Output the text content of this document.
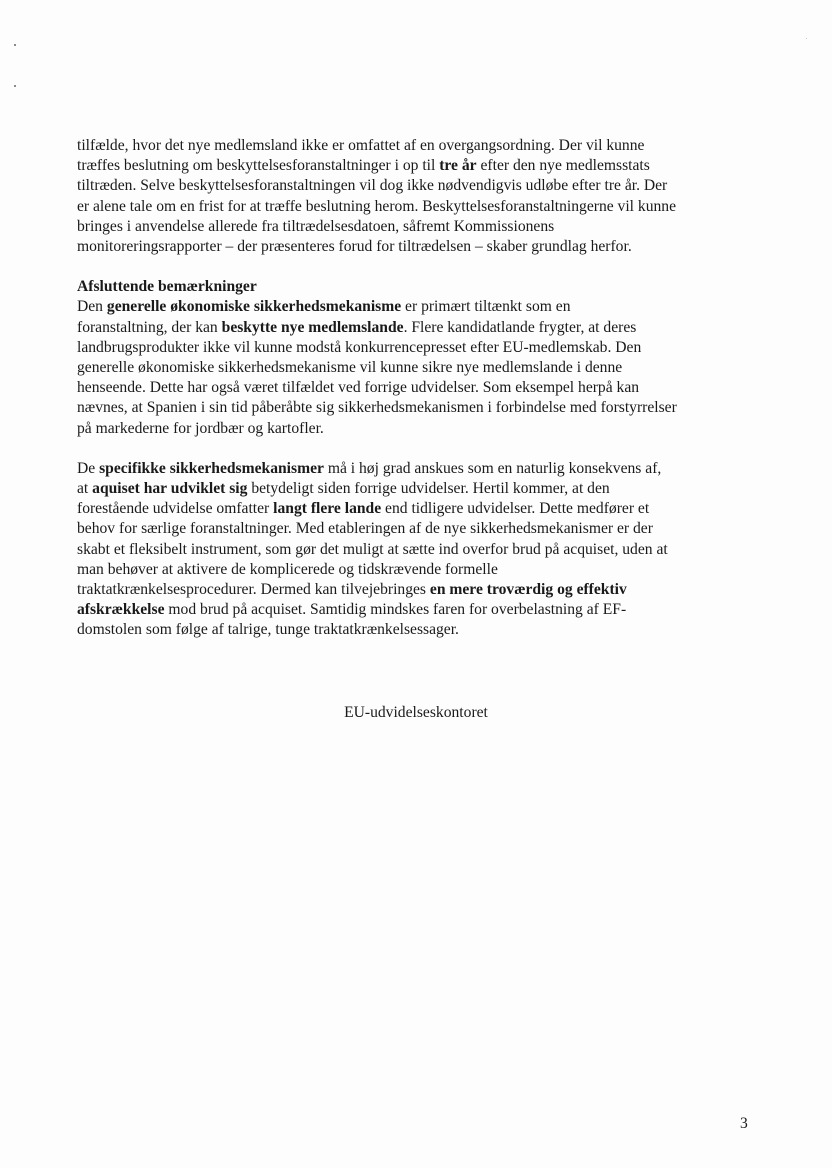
tilfælde, hvor det nye medlemsland ikke er omfattet af en overgangsordning. Der vil kunne
træffes beslutning om beskyttelsesforanstaltninger i op til tre år efter den nye medlemsstats
tiltræden. Selve beskyttelsesforanstaltningen vil dog ikke nødvendigvis udløbe efter tre år. Der
er alene tale om en frist for at træffe beslutning herom. Beskyttelsesforanstaltningerne vil kunne
bringes i anvendelse allerede fra tiltrædelsesdatoen, såfremt Kommissionens
monitoreringsrapporter – der præsenteres forud for tiltrædelsen – skaber grundlag herfor.

Afsluttende bemærkninger

Den generelle økonomiske sikkerhedsmekanisme er primært tiltænkt som en
foranstaltning, der kan beskytte nye medlemslande. Flere kandidatlande frygter, at deres
landbrugsprodukter ikke vil kunne modstå konkurrencepresset efter EU-medlemskab. Den
generelle økonomiske sikkerhedsmekanisme vil kunne sikre nye medlemslande i denne
henseende. Dette har også været tilfældet ved forrige udvidelser. Som eksempel herpå kan
nævnes, at Spanien i sin tid påberåbte sig sikkerhedsmekanismen i forbindelse med forstyrrelser
på markederne for jordbær og kartofler.

De specifikke sikkerhedsmekanismer må i høj grad anskues som en naturlig konsekvens af,
at aquiset har udviklet sig betydeligt siden forrige udvidelser. Hertil kommer, at den
forestående udvidelse omfatter langt flere lande end tidligere udvidelser. Dette medfører et
behov for særlige foranstaltninger. Med etableringen af de nye sikkerhedsmekanismer er der
skabt et fleksibelt instrument, som gør det muligt at sætte ind overfor brud på acquiset, uden at
man behøver at aktivere de komplicerede og tidskrævende formelle
traktatkrænkelsesprocedurer. Dermed kan tilvejebringes en mere troværdig og effektiv
afskrækkelse mod brud på acquiset. Samtidig mindskes faren for overbelastning af EF-
domstolen som følge af talrige, tunge traktatkrænkelsessager.

EU-udvidelseskontoret
3
